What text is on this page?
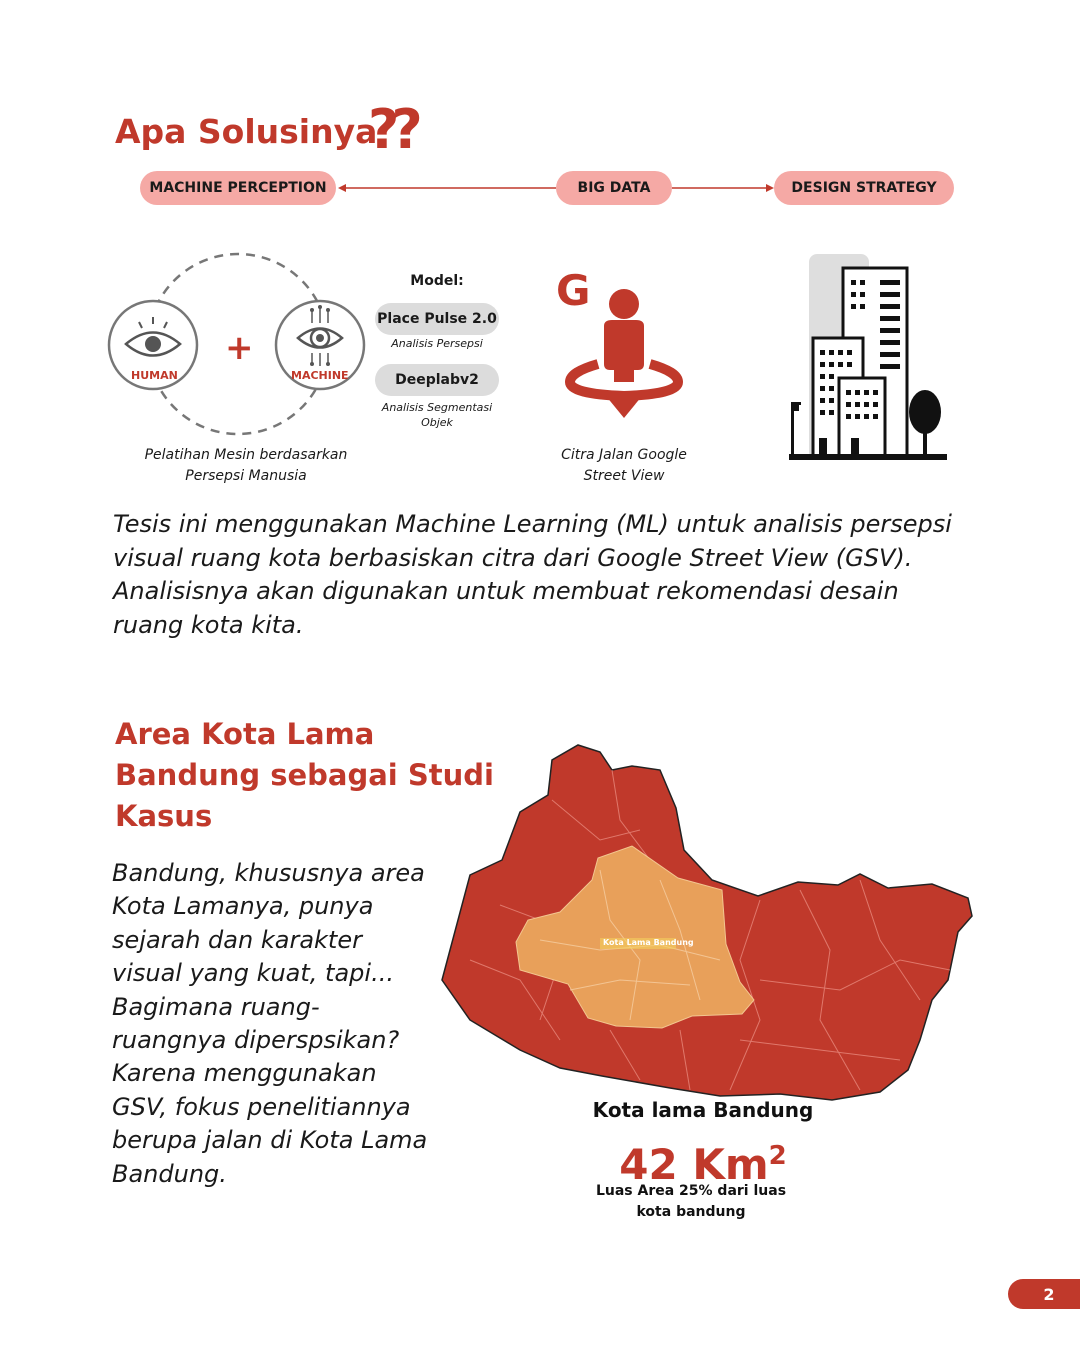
Apa Solusinya
??
MACHINE PERCEPTION	BIG DATA	DESIGN STRATEGY
HUMAN
+
MACHINE
Model:
Place Pulse 2.0
Analisis Persepsi
Deeplabv2
Analisis Segmentasi
Objek
Pelatihan Mesin berdasarkan
Persepsi Manusia
G
Citra Jalan Google
Street View
Tesis ini menggunakan Machine Learning (ML) untuk analisis persepsi
visual ruang kota berbasiskan citra dari Google Street View (GSV).
Analisisnya akan digunakan untuk membuat rekomendasi desain
ruang kota kita.
Area Kota Lama
Bandung sebagai Studi
Kasus
Bandung, khususnya area
Kota Lamanya, punya
sejarah dan karakter
visual yang kuat, tapi...
Bagimana ruang-
ruangnya diperspsikan?
Karena menggunakan
GSV, fokus penelitiannya
berupa jalan di Kota Lama
Bandung.
Kota Lama Bandung
Kota lama Bandung
42 Km$^2$
Luas Area 25% dari luas
kota bandung
2
